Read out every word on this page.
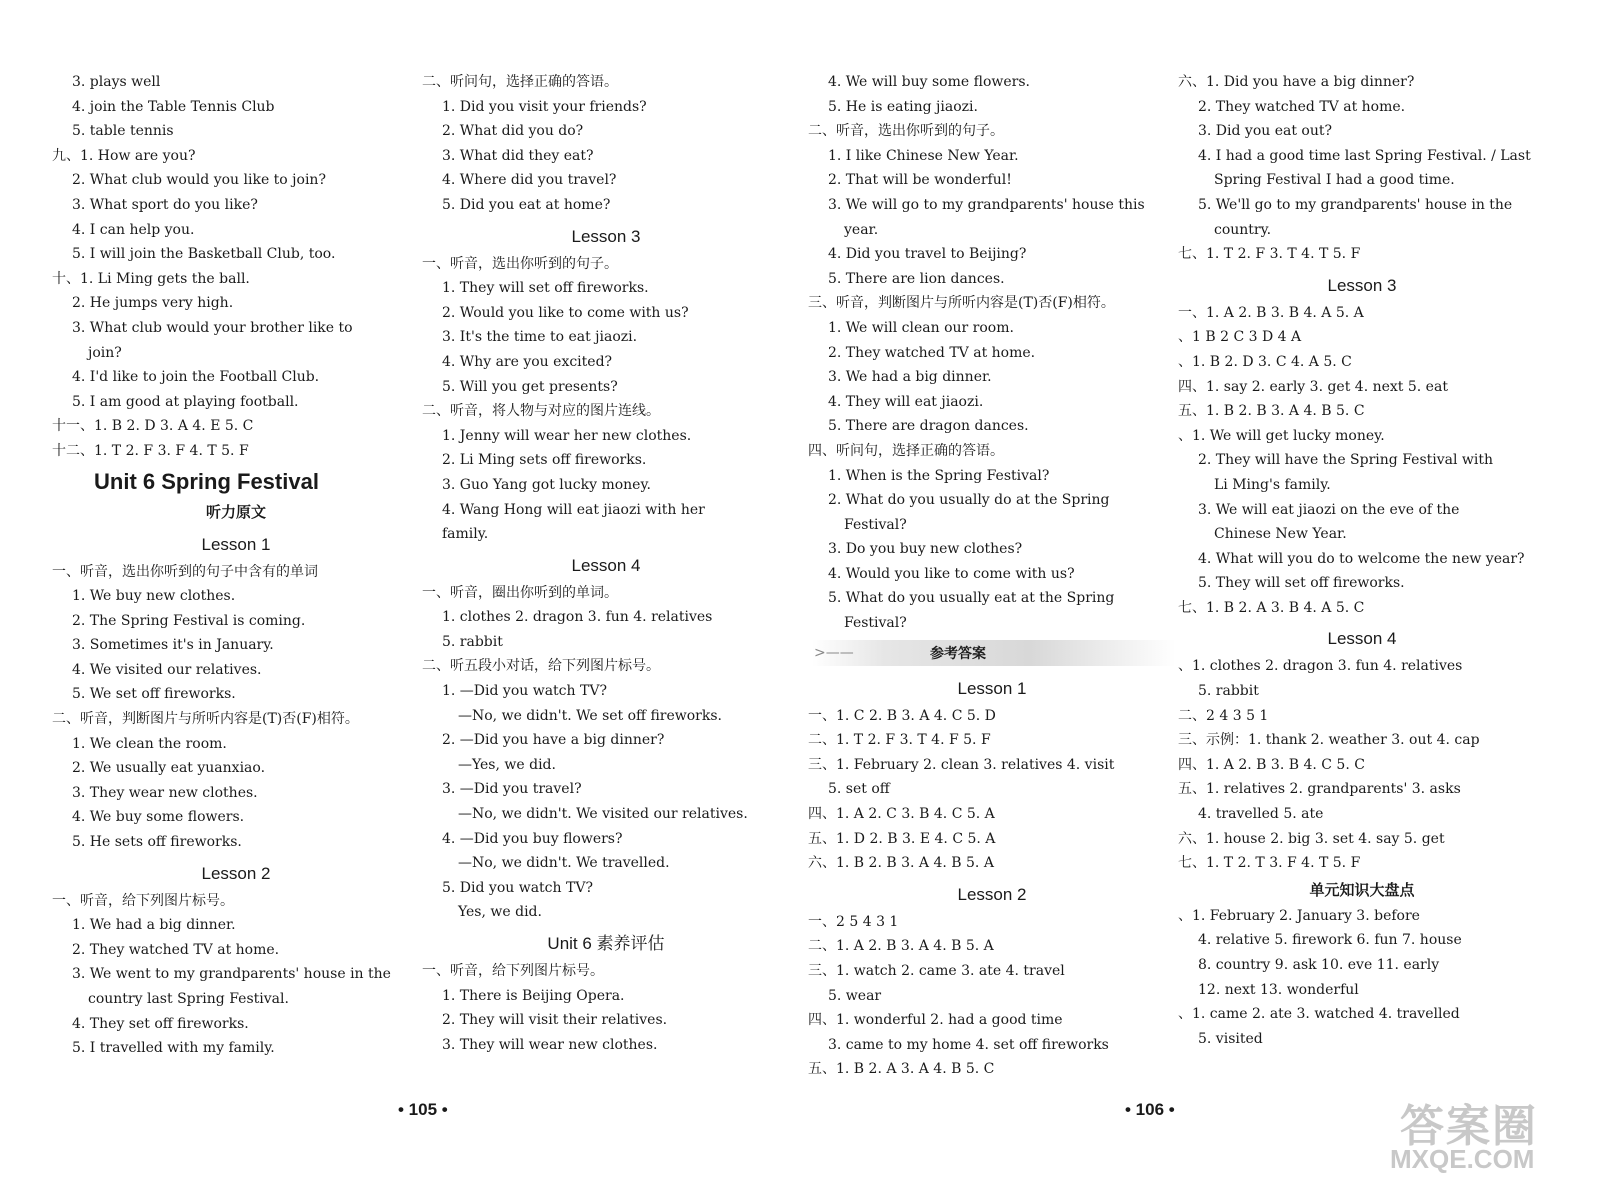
3. plays well
4. join the Table Tennis Club
5. table tennis
九、1. How are you?
2. What club would you like to join?
3. What sport do you like?
4. I can help you.
5. I will join the Basketball Club, too.
十、1. Li Ming gets the ball.
2. He jumps very high.
3. What club would your brother like to
join?
4. I'd like to join the Football Club.
5. I am good at playing football.
十一、1. B 2. D 3. A 4. E 5. C
十二、1. T 2. F 3. F 4. T 5. F
Unit 6 Spring Festival
听力原文
Lesson 1
一、听音，选出你听到的句子中含有的单词
1. We buy new clothes.
2. The Spring Festival is coming.
3. Sometimes it's in January.
4. We visited our relatives.
5. We set off fireworks.
二、听音，判断图片与所听内容是(T)否(F)相符。
1. We clean the room.
2. We usually eat yuanxiao.
3. They wear new clothes.
4. We buy some flowers.
5. He sets off fireworks.
Lesson 2
一、听音，给下列图片标号。
1. We had a big dinner.
2. They watched TV at home.
3. We went to my grandparents' house in the
country last Spring Festival.
4. They set off fireworks.
5. I travelled with my family.
二、听问句，选择正确的答语。
1. Did you visit your friends?
2. What did you do?
3. What did they eat?
4. Where did you travel?
5. Did you eat at home?
Lesson 3
一、听音，选出你听到的句子。
1. They will set off fireworks.
2. Would you like to come with us?
3. It's the time to eat jiaozi.
4. Why are you excited?
5. Will you get presents?
二、听音，将人物与对应的图片连线。
1. Jenny will wear her new clothes.
2. Li Ming sets off fireworks.
3. Guo Yang got lucky money.
4. Wang Hong will eat jiaozi with her family.
Lesson 4
一、听音，圈出你听到的单词。
1. clothes 2. dragon 3. fun 4. relatives
5. rabbit
二、听五段小对话，给下列图片标号。
1. —Did you watch TV?
—No, we didn't. We set off fireworks.
2. —Did you have a big dinner?
—Yes, we did.
3. —Did you travel?
—No, we didn't. We visited our relatives.
4. —Did you buy flowers?
—No, we didn't. We travelled.
5. Did you watch TV?
Yes, we did.
Unit 6 素养评估
一、听音，给下列图片标号。
1. There is Beijing Opera.
2. They will visit their relatives.
3. They will wear new clothes.
4. We will buy some flowers.
5. He is eating jiaozi.
二、听音，选出你听到的句子。
1. I like Chinese New Year.
2. That will be wonderful!
3. We will go to my grandparents' house this
year.
4. Did you travel to Beijing?
5. There are lion dances.
三、听音，判断图片与所听内容是(T)否(F)相符。
1. We will clean our room.
2. They watched TV at home.
3. We had a big dinner.
4. They will eat jiaozi.
5. There are dragon dances.
四、听问句，选择正确的答语。
1. When is the Spring Festival?
2. What do you usually do at the Spring
Festival?
3. Do you buy new clothes?
4. Would you like to come with us?
5. What do you usually eat at the Spring
Festival?
>——	参考答案
Lesson 1
一、1. C 2. B 3. A 4. C 5. D
二、1. T 2. F 3. T 4. F 5. F
三、1. February 2. clean 3. relatives 4. visit
5. set off
四、1. A 2. C 3. B 4. C 5. A
五、1. D 2. B 3. E 4. C 5. A
六、1. B 2. B 3. A 4. B 5. A
Lesson 2
一、2 5 4 3 1
二、1. A 2. B 3. A 4. B 5. A
三、1. watch 2. came 3. ate 4. travel
5. wear
四、1. wonderful 2. had a good time
3. came to my home 4. set off fireworks
五、1. B 2. A 3. A 4. B 5. C
六、1. Did you have a big dinner?
2. They watched TV at home.
3. Did you eat out?
4. I had a good time last Spring Festival. / Last
Spring Festival I had a good time.
5. We'll go to my grandparents' house in the
country.
七、1. T 2. F 3. T 4. T 5. F
Lesson 3
一、1. A 2. B 3. B 4. A 5. A
、1 B 2 C 3 D 4 A
、1. B 2. D 3. C 4. A 5. C
四、1. say 2. early 3. get 4. next 5. eat
五、1. B 2. B 3. A 4. B 5. C
、1. We will get lucky money.
2. They will have the Spring Festival with
Li Ming's family.
3. We will eat jiaozi on the eve of the
Chinese New Year.
4. What will you do to welcome the new year?
5. They will set off fireworks.
七、1. B 2. A 3. B 4. A 5. C
Lesson 4
、1. clothes 2. dragon 3. fun 4. relatives
5. rabbit
二、2 4 3 5 1
三、示例：1. thank 2. weather 3. out 4. cap
四、1. A 2. B 3. B 4. C 5. C
五、1. relatives 2. grandparents' 3. asks
4. travelled 5. ate
六、1. house 2. big 3. set 4. say 5. get
七、1. T 2. T 3. F 4. T 5. F
单元知识大盘点
、1. February 2. January 3. before
4. relative 5. firework 6. fun 7. house
8. country 9. ask 10. eve 11. early
12. next 13. wonderful
、1. came 2. ate 3. watched 4. travelled
5. visited
• 105 •	• 106 •	答案圈
MXQE.COM
